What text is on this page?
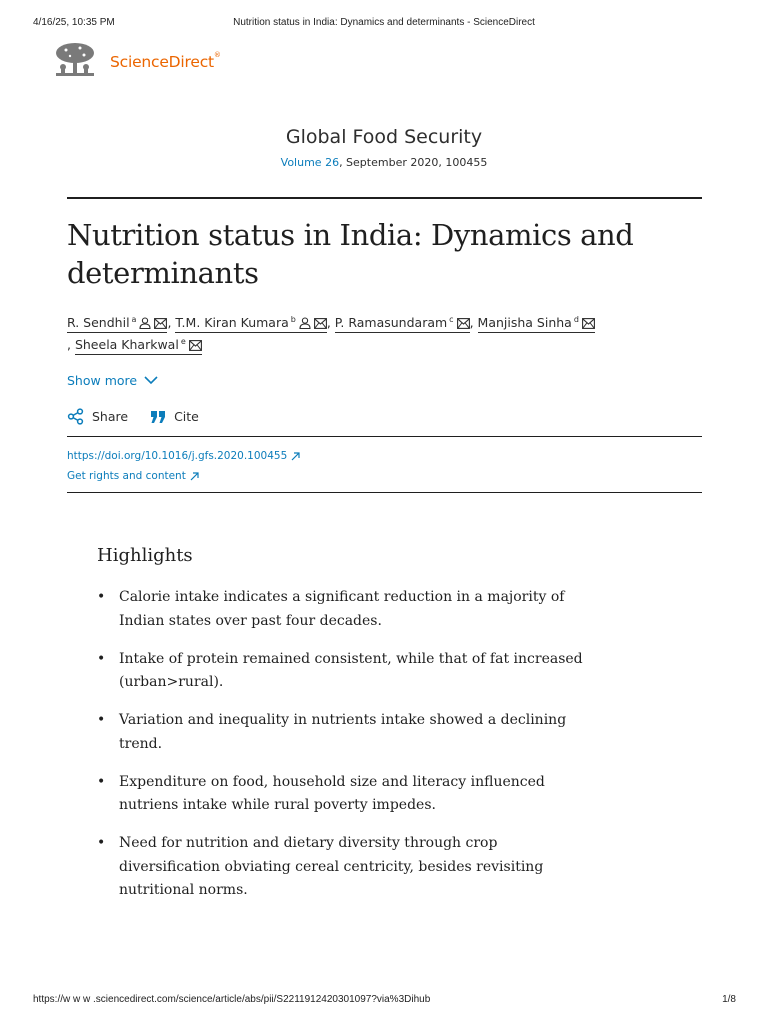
4/16/25, 10:35 PM	Nutrition status in India: Dynamics and determinants - ScienceDirect
ScienceDirect®
Global Food Security
Volume 26, September 2020, 100455
Nutrition status in India: Dynamics and determinants
R. Sendhil $^a$ , T.M. Kiran Kumara $^b$ , P. Ramasundaram $^c$ , Manjisha Sinha $^d$, Sheela Kharkwal $^e$
Show more
Share	Cite
https://doi.org/10.1016/j.gfs.2020.100455
Get rights and content
Highlights
• Calorie intake indicates a significant reduction in a majority of Indian states over past four decades.
• Intake of protein remained consistent, while that of fat increased (urban>rural).
• Variation and inequality in nutrients intake showed a declining trend.
• Expenditure on food, household size and literacy influenced nutriens intake while rural poverty impedes.
• Need for nutrition and dietary diversity through crop diversification obviating cereal centricity, besides revisiting nutritional norms.
https://w w w .sciencedirect.com/science/article/abs/pii/S2211912420301097?via%3Dihub	1/8
